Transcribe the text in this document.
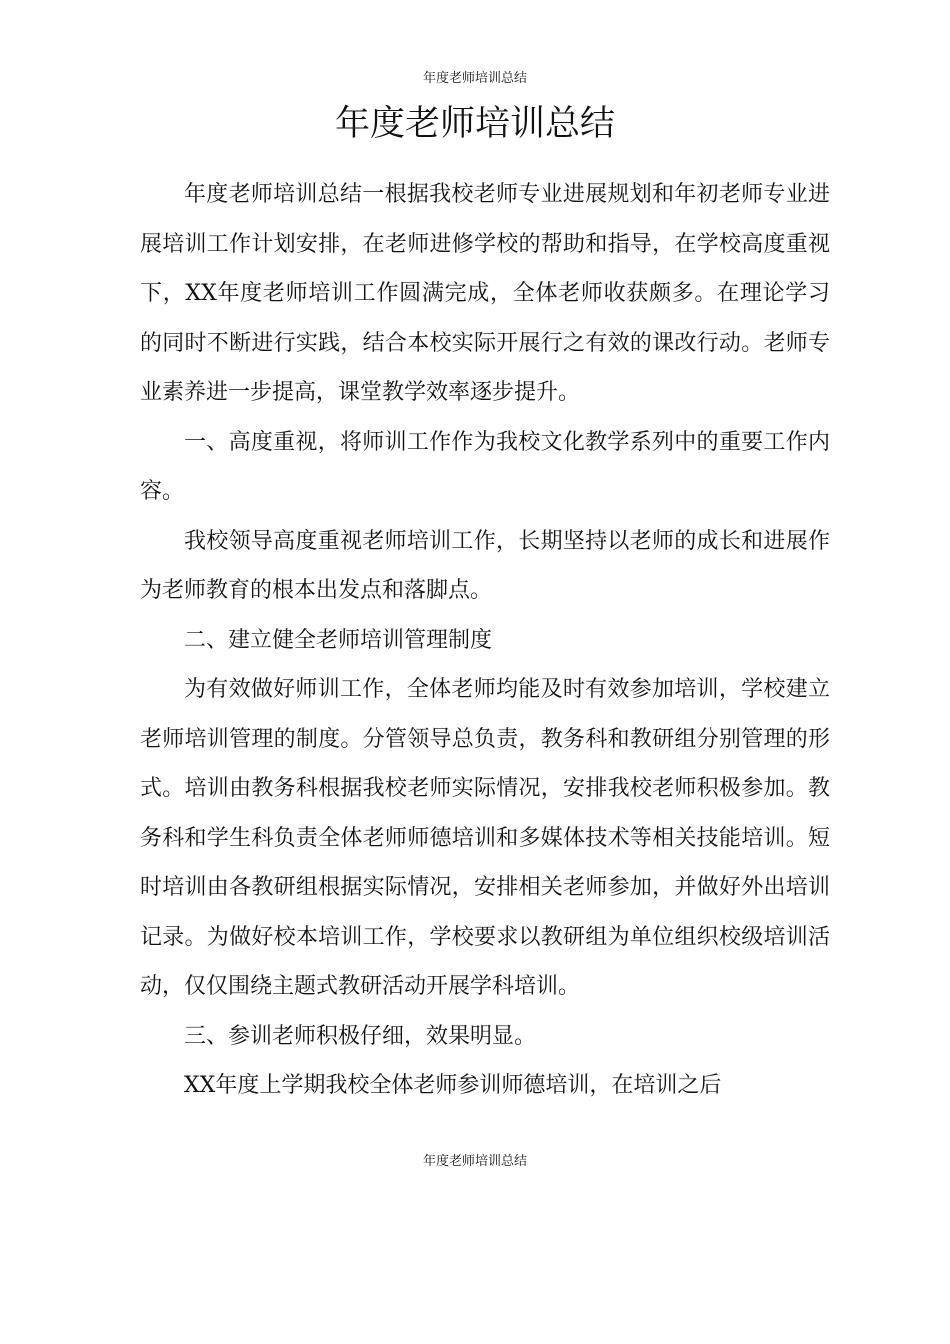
年度老师培训总结
年度老师培训总结

年度老师培训总结一根据我校老师专业进展规划和年初老师专业进展培训工作计划安排，在老师进修学校的帮助和指导，在学校高度重视下，XX年度老师培训工作圆满完成，全体老师收获颇多。在理论学习的同时不断进行实践，结合本校实际开展行之有效的课改行动。老师专业素养进一步提高，课堂教学效率逐步提升。

一、高度重视，将师训工作作为我校文化教学系列中的重要工作内容。

我校领导高度重视老师培训工作，长期坚持以老师的成长和进展作为老师教育的根本出发点和落脚点。

二、建立健全老师培训管理制度

为有效做好师训工作，全体老师均能及时有效参加培训，学校建立老师培训管理的制度。分管领导总负责，教务科和教研组分别管理的形式。培训由教务科根据我校老师实际情况，安排我校老师积极参加。教务科和学生科负责全体老师师德培训和多媒体技术等相关技能培训。短时培训由各教研组根据实际情况，安排相关老师参加，并做好外出培训记录。为做好校本培训工作，学校要求以教研组为单位组织校级培训活动，仅仅围绕主题式教研活动开展学科培训。

三、参训老师积极仔细，效果明显。

XX年度上学期我校全体老师参训师德培训，在培训之后

年度老师培训总结
